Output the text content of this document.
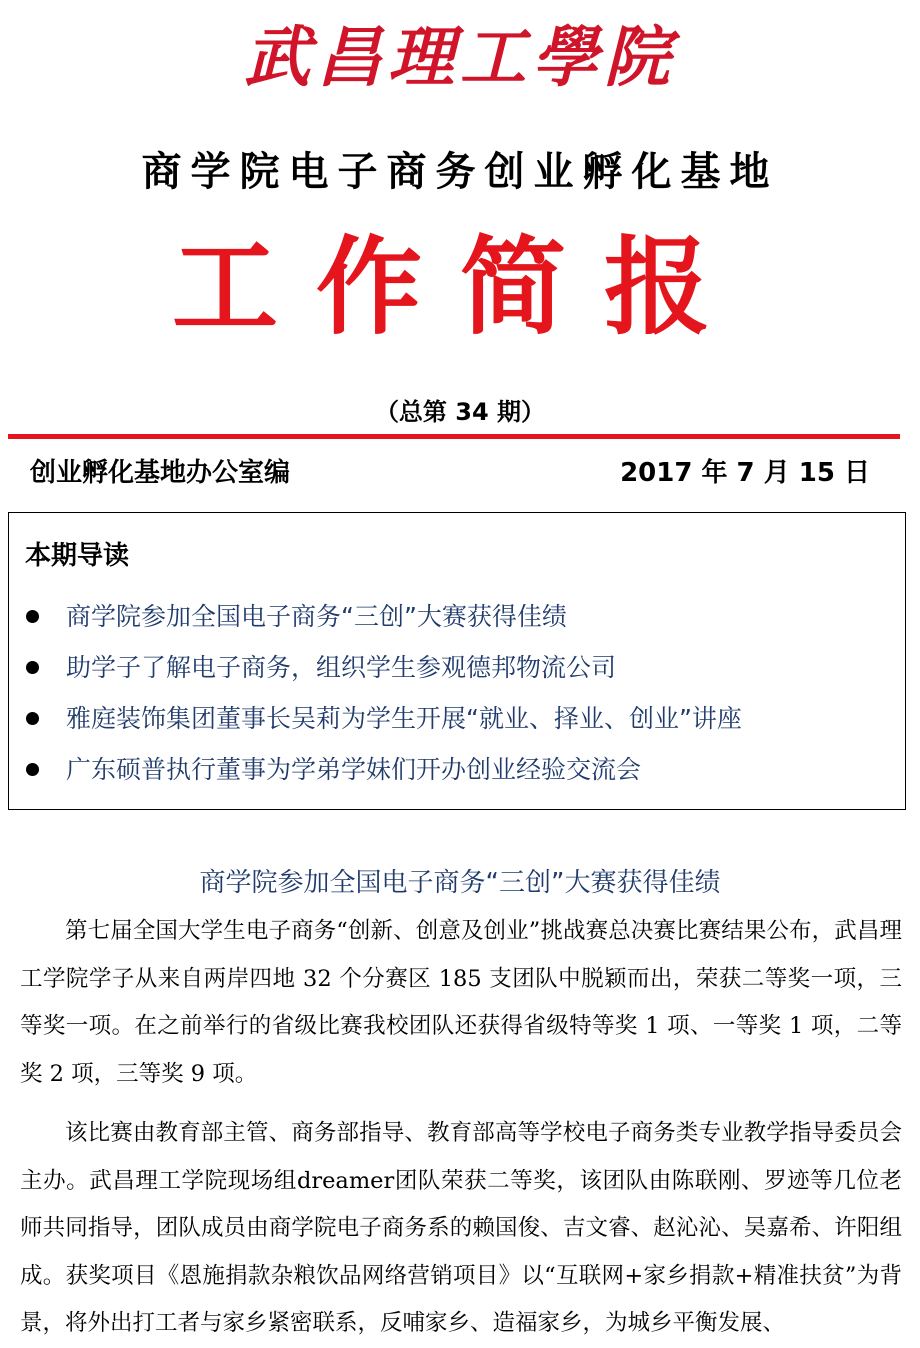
武昌理工學院
商学院电子商务创业孵化基地
工作简报
（总第 34 期）
创业孵化基地办公室编	2017 年 7 月 15 日
本期导读
商学院参加全国电子商务“三创”大赛获得佳绩
助学子了解电子商务，组织学生参观德邦物流公司
雅庭装饰集团董事长吴莉为学生开展“就业、择业、创业”讲座
广东硕普执行董事为学弟学妹们开办创业经验交流会
商学院参加全国电子商务“三创”大赛获得佳绩

第七届全国大学生电子商务“创新、创意及创业”挑战赛总决赛比赛结果公布，武昌理工学院学子从来自两岸四地 32 个分赛区 185 支团队中脱颖而出，荣获二等奖一项，三等奖一项。在之前举行的省级比赛我校团队还获得省级特等奖 1 项、一等奖 1 项，二等奖 2 项，三等奖 9 项。

该比赛由教育部主管、商务部指导、教育部高等学校电子商务类专业教学指导委员会主办。武昌理工学院现场组dreamer团队荣获二等奖，该团队由陈联刚、罗迹等几位老师共同指导，团队成员由商学院电子商务系的赖国俊、吉文睿、赵沁沁、吴嘉希、许阳组成。获奖项目《恩施捐款杂粮饮品网络营销项目》以“互联网+家乡捐款+精准扶贫”为背景，将外出打工者与家乡紧密联系，反哺家乡、造福家乡，为城乡平衡发展、
